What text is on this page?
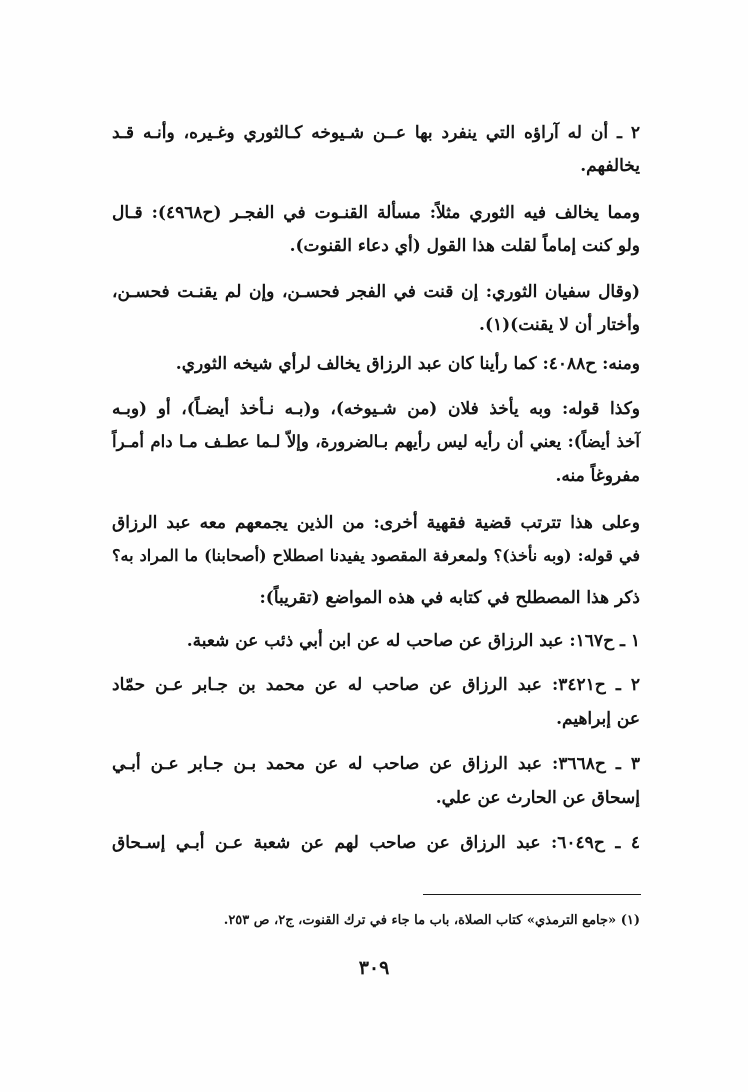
٢ ـ أن له آراؤه التي ينفرد بها عــن شـيوخه كـالثوري وغـيره، وأنـه قـد
يخالفهم.
ومما يخالف فيه الثوري مثلاً: مسألة القنـوت في الفجـر (ح٤٩٦٨): قـال
ولو كنت إماماً لقلت هذا القول (أي دعاء القنوت).
(وقال سفيان الثوري: إن قنت في الفجر فحسـن، وإن لم يقنـت فحسـن،
وأختار أن لا يقنت)(١).
ومنه: ح٤٠٨٨: كما رأينا كان عبد الرزاق يخالف لرأي شيخه الثوري.
وكذا قوله: وبه يأخذ فلان (من شـيوخه)، و(بـه نـأخذ أيضـاً)، أو (وبـه
آخذ أيضاً): يعني أن رأيه ليس رأيهم بـالضرورة، وإلاّ لـما عطـف مـا دام أمـراً
مفروغاً منه.
وعلى هذا تترتب قضية فقهية أخرى: من الذين يجمعهم معه عبد الرزاق
في قوله: (وبه نأخذ)؟ ولمعرفة المقصود يفيدنا اصطلاح (أصحابنا) ما المراد به؟
ذكر هذا المصطلح في كتابه في هذه المواضع (تقريباً):
١ ـ ح١٦٧: عبد الرزاق عن صاحب له عن ابن أبي ذئب عن شعبة.
٢ ـ ح٣٤٢١: عبد الرزاق عن صاحب له عن محمد بن جـابر عـن حمّاد
عن إبراهيم.
٣ ـ ح٣٦٦٨: عبد الرزاق عن صاحب له عن محمد بـن جـابر عـن أبـي
إسحاق عن الحارث عن علي.
٤ ـ ح٦٠٤٩: عبد الرزاق عن صاحب لهم عن شعبة عـن أبـي إسـحاق
(١) «جامع الترمذي» كتاب الصلاة، باب ما جاء في ترك القنوت، ج٢، ص ٢٥٣.
٣٠٩
